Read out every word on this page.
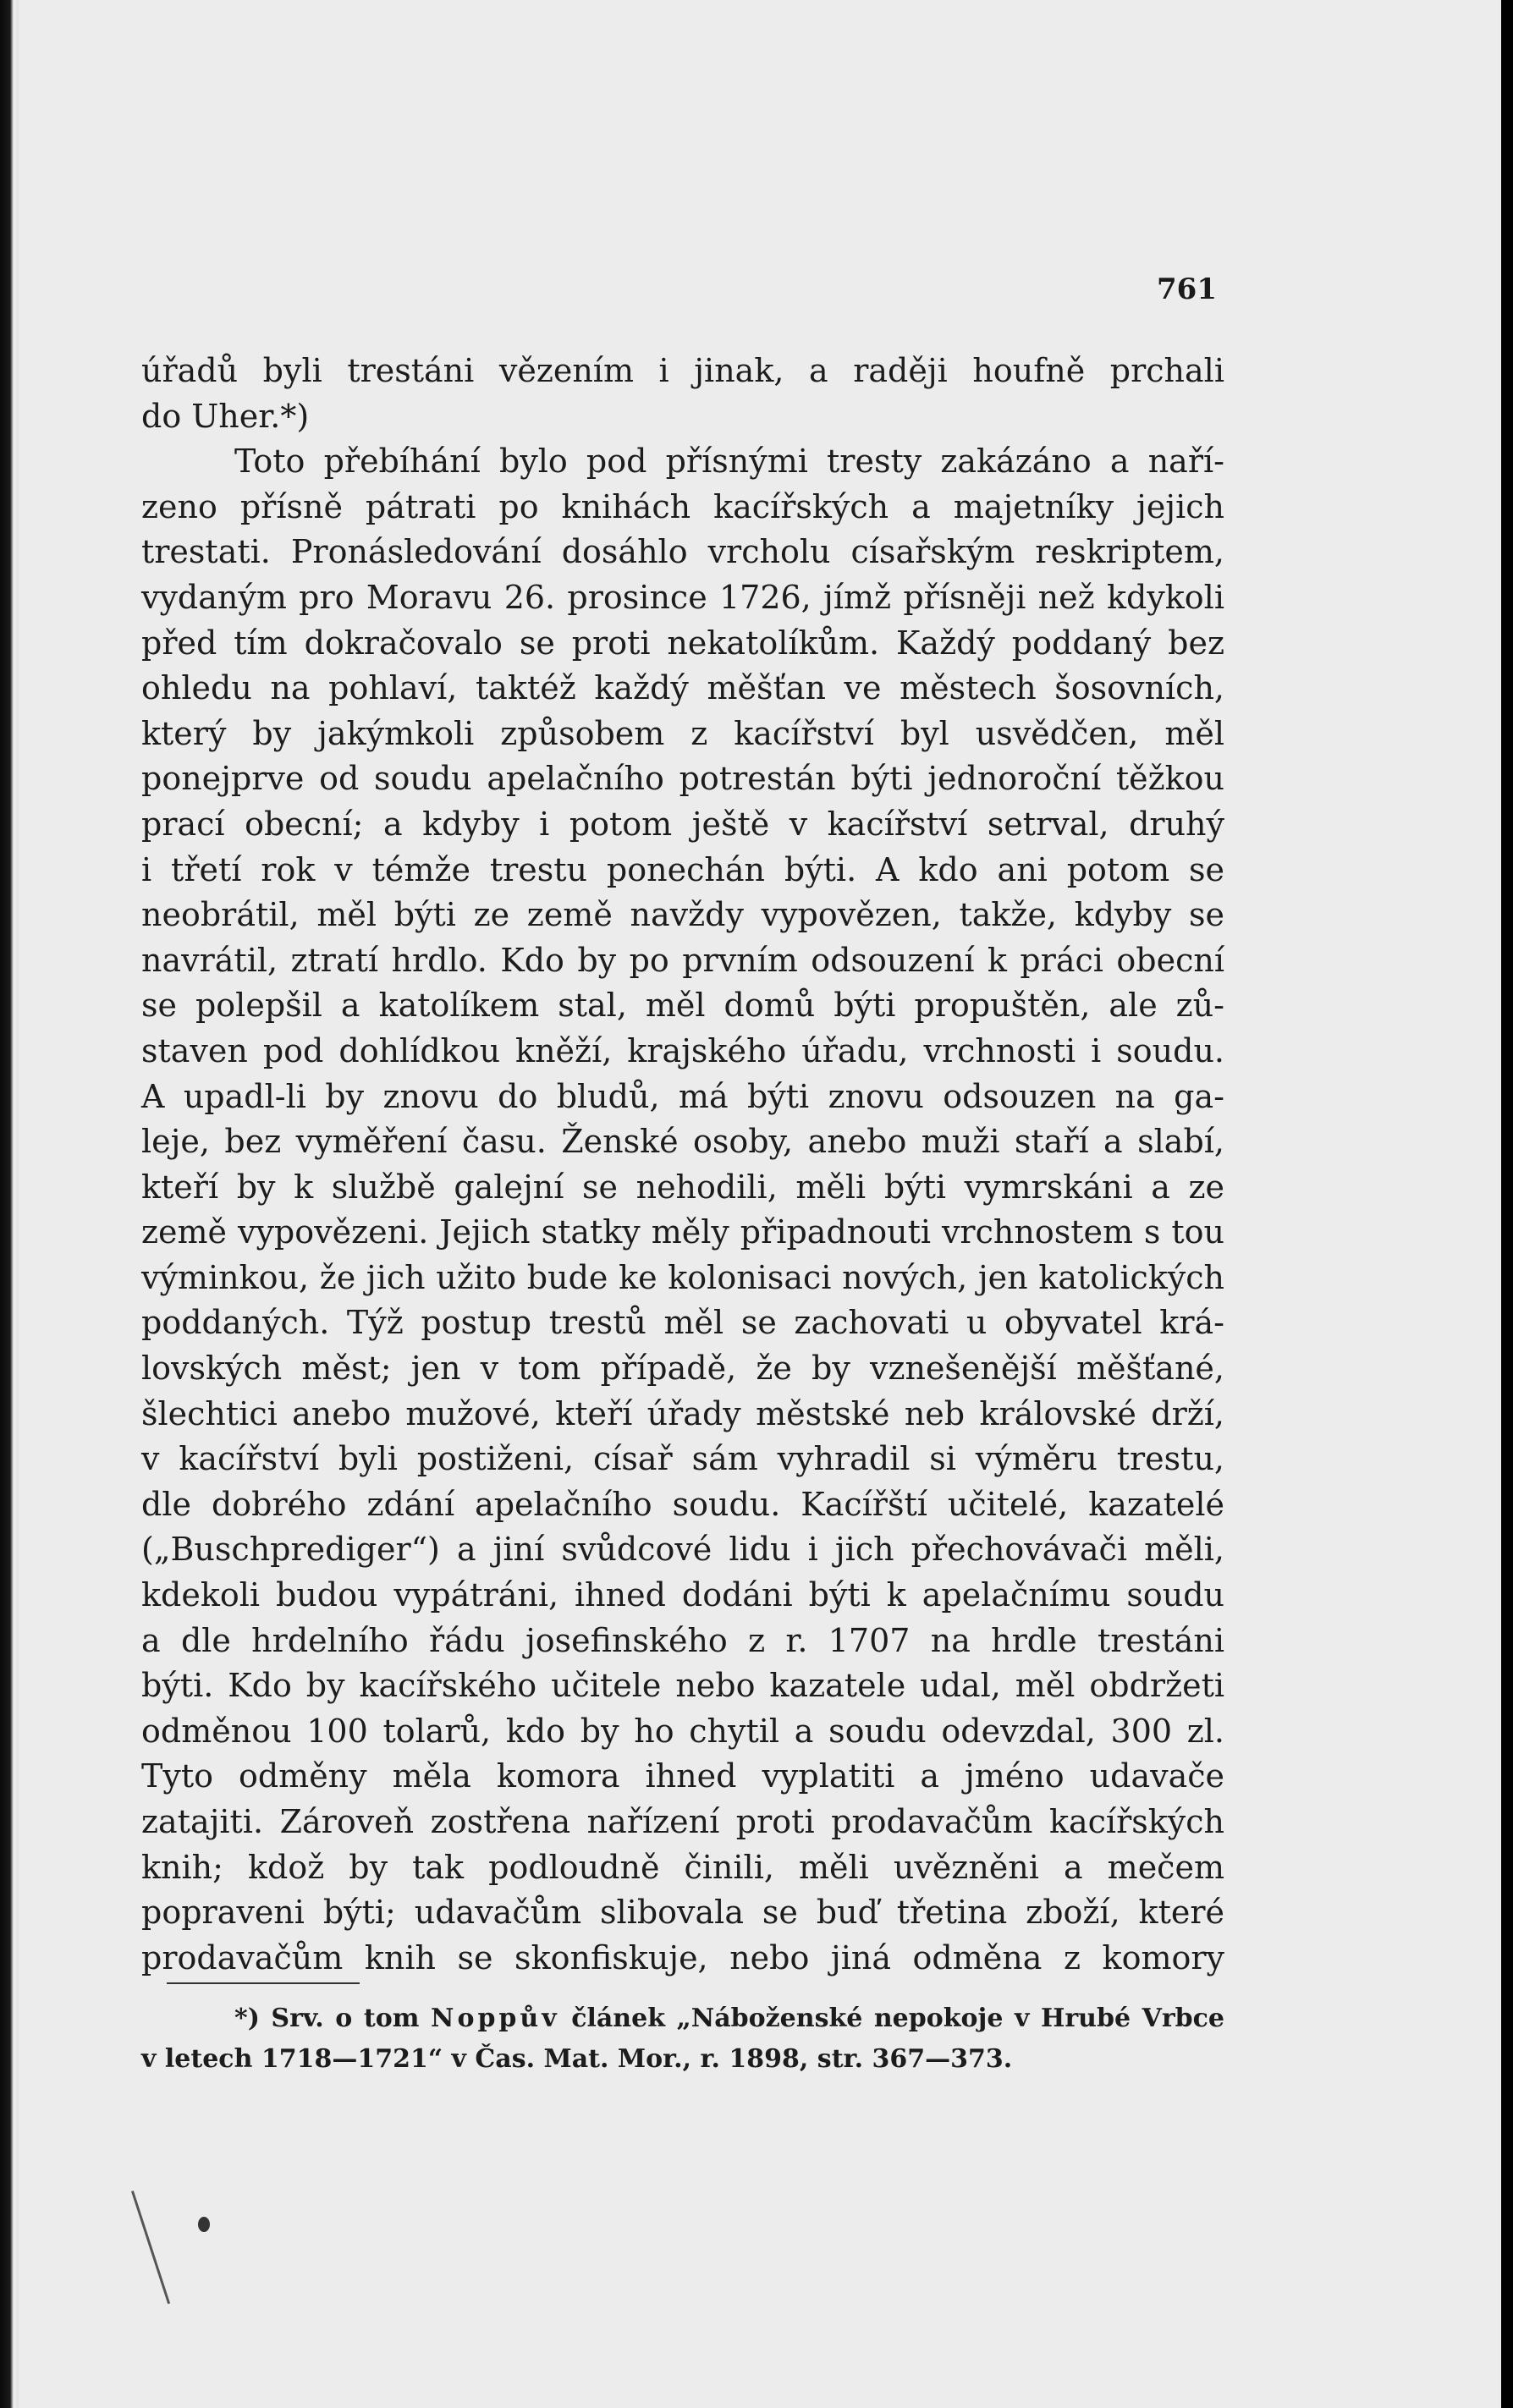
761
úřadů byli trestáni vězením i jinak, a raději houfně prchali
do Uher.*)
Toto přebíhání bylo pod přísnými tresty zakázáno a naří-
zeno přísně pátrati po knihách kacířských a majetníky jejich
trestati. Pronásledování dosáhlo vrcholu císařským reskriptem,
vydaným pro Moravu 26. prosince 1726, jímž přísněji než kdykoli
před tím dokračovalo se proti nekatolíkům. Každý poddaný bez
ohledu na pohlaví, taktéž každý měšťan ve městech šosovních,
který by jakýmkoli způsobem z kacířství byl usvědčen, měl
ponejprve od soudu apelačního potrestán býti jednoroční těžkou
prací obecní; a kdyby i potom ještě v kacířství setrval, druhý
i třetí rok v témže trestu ponechán býti. A kdo ani potom se
neobrátil, měl býti ze země navždy vypovězen, takže, kdyby se
navrátil, ztratí hrdlo. Kdo by po prvním odsouzení k práci obecní
se polepšil a katolíkem stal, měl domů býti propuštěn, ale zů-
staven pod dohlídkou kněží, krajského úřadu, vrchnosti i soudu.
A upadl-li by znovu do bludů, má býti znovu odsouzen na ga-
leje, bez vyměření času. Ženské osoby, anebo muži staří a slabí,
kteří by k službě galejní se nehodili, měli býti vymrskáni a ze
země vypovězeni. Jejich statky měly připadnouti vrchnostem s tou
výminkou, že jich užito bude ke kolonisaci nových, jen katolických
poddaných. Týž postup trestů měl se zachovati u obyvatel krá-
lovských měst; jen v tom případě, že by vznešenější měšťané,
šlechtici anebo mužové, kteří úřady městské neb královské drží,
v kacířství byli postiženi, císař sám vyhradil si výměru trestu,
dle dobrého zdání apelačního soudu. Kacířští učitelé, kazatelé
(„Buschprediger“) a jiní svůdcové lidu i jich přechovávači měli,
kdekoli budou vypátráni, ihned dodáni býti k apelačnímu soudu
a dle hrdelního řádu josefinského z r. 1707 na hrdle trestáni
býti. Kdo by kacířského učitele nebo kazatele udal, měl obdržeti
odměnou 100 tolarů, kdo by ho chytil a soudu odevzdal, 300 zl.
Tyto odměny měla komora ihned vyplatiti a jméno udavače
zatajiti. Zároveň zostřena nařízení proti prodavačům kacířských
knih; kdož by tak podloudně činili, měli uvězněni a mečem
popraveni býti; udavačům slibovala se buď třetina zboží, které
prodavačům knih se skonfiskuje, nebo jiná odměna z komory
*) Srv. o tom Noppův článek „Náboženské nepokoje v Hrubé Vrbce
v letech 1718—1721“ v Čas. Mat. Mor., r. 1898, str. 367—373.
